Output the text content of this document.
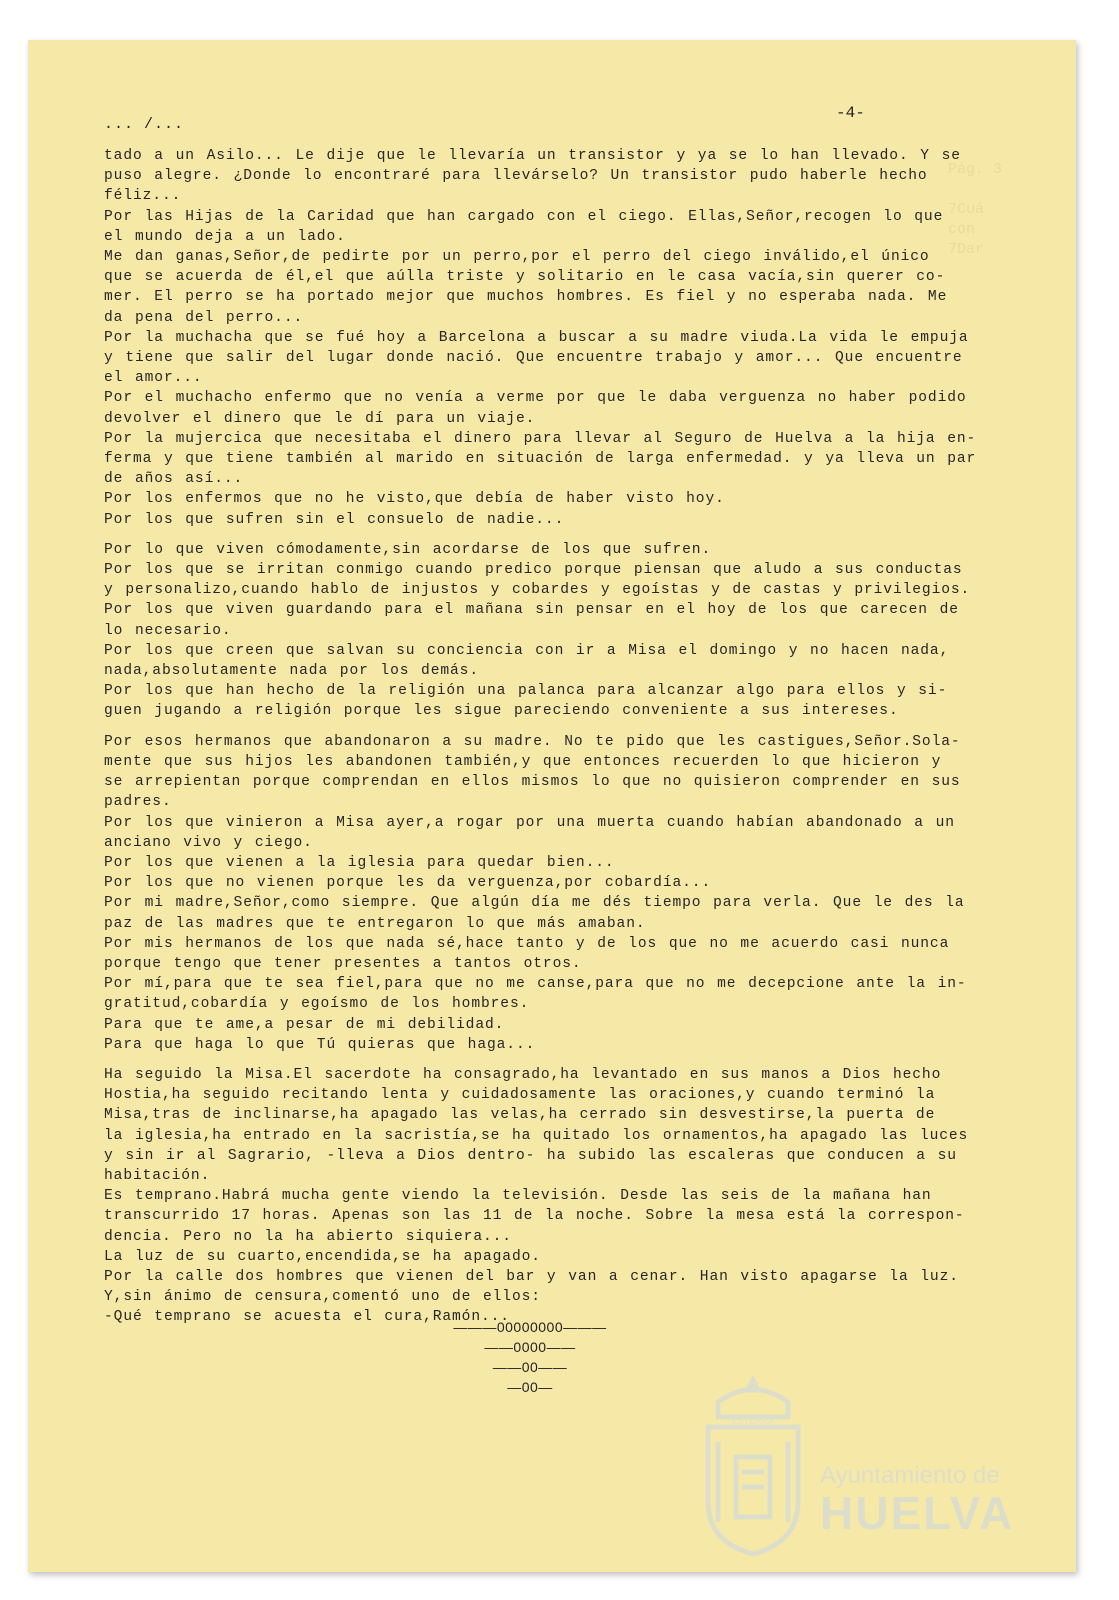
Pág. 3

7Cuá
con
7Dar

... /...
-4-
tado a un Asilo... Le dije que le llevaría un transistor y ya se lo han llevado. Y se
puso alegre. ¿Donde lo encontraré para llevárselo? Un transistor pudo haberle hecho
féliz...
Por las Hijas de la Caridad que han cargado con el ciego. Ellas,Señor,recogen lo que
el mundo deja a un lado.
Me dan ganas,Señor,de pedirte por un perro,por el perro del ciego inválido,el único
que se acuerda de él,el que aúlla triste y solitario en le casa vacía,sin querer co-
mer. El perro se ha portado mejor que muchos hombres. Es fiel y no esperaba nada. Me
da pena del perro...
Por la muchacha que se fué hoy a Barcelona a buscar a su madre viuda.La vida le empuja
y tiene que salir del lugar donde nació. Que encuentre trabajo y amor... Que encuentre
el amor...
Por el muchacho enfermo que no venía a verme por que le daba verguenza no haber podido
devolver el dinero que le dí para un viaje.
Por la mujercica que necesitaba el dinero para llevar al Seguro de Huelva a la hija en-
ferma y que tiene también al marido en situación de larga enfermedad. y ya lleva un par
de años así...
Por los enfermos que no he visto,que debía de haber visto hoy.
Por los que sufren sin el consuelo de nadie...
Por lo que viven cómodamente,sin acordarse de los que sufren.
Por los que se irritan conmigo cuando predico porque piensan que aludo a sus conductas
y personalizo,cuando hablo de injustos y cobardes y egoístas y de castas y privilegios.
Por los que viven guardando para el mañana sin pensar en el hoy de los que carecen de
lo necesario.
Por los que creen que salvan su conciencia con ir a Misa el domingo y no hacen nada,
nada,absolutamente nada por los demás.
Por los que han hecho de la religión una palanca para alcanzar algo para ellos y si-
guen jugando a religión porque les sigue pareciendo conveniente a sus intereses.
Por esos hermanos que abandonaron a su madre. No te pido que les castigues,Señor.Sola-
mente que sus hijos les abandonen también,y que entonces recuerden lo que hicieron y
se arrepientan porque comprendan en ellos mismos lo que no quisieron comprender en sus
padres.
Por los que vinieron a Misa ayer,a rogar por una muerta cuando habían abandonado a un
anciano vivo y ciego.
Por los que vienen a la iglesia para quedar bien...
Por los que no vienen porque les da verguenza,por cobardía...
Por mi madre,Señor,como siempre. Que algún día me dés tiempo para verla. Que le des la
paz de las madres que te entregaron lo que más amaban.
Por mis hermanos de los que nada sé,hace tanto y de los que no me acuerdo casi nunca
porque tengo que tener presentes a tantos otros.
Por mí,para que te sea fiel,para que no me canse,para que no me decepcione ante la in-
gratitud,cobardía y egoísmo de los hombres.
Para que te ame,a pesar de mi debilidad.
Para que haga lo que Tú quieras que haga...
Ha seguido la Misa.El sacerdote ha consagrado,ha levantado en sus manos a Dios hecho
Hostia,ha seguido recitando lenta y cuidadosamente las oraciones,y cuando terminó la
Misa,tras de inclinarse,ha apagado las velas,ha cerrado sin desvestirse,la puerta de
la iglesia,ha entrado en la sacristía,se ha quitado los ornamentos,ha apagado las luces
y sin ir al Sagrario, -lleva a Dios dentro- ha subido las escaleras que conducen a su
habitación.
Es temprano.Habrá mucha gente viendo la televisión. Desde las seis de la mañana han
transcurrido 17 horas. Apenas son las 11 de la noche. Sobre la mesa está la correspon-
dencia. Pero no la ha abierto siquiera...
La luz de su cuarto,encendida,se ha apagado.
Por la calle dos hombres que vienen del bar y van a cenar. Han visto apagarse la luz.
Y,sin ánimo de censura,comentó uno de ellos:
-Qué temprano se acuesta el cura,Ramón...
———00000000———
——0000——
——00——
—00—
ESTERRA
Ayuntamiento de
HUELVA
